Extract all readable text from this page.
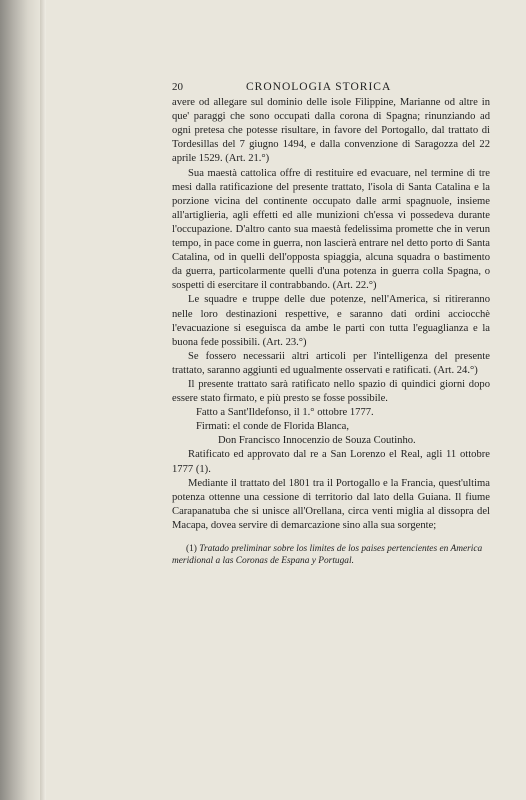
20	CRONOLOGIA STORICA

avere od allegare sul dominio delle isole Filippine, Marianne od altre in que' paraggi che sono occupati dalla corona di Spagna; rinunziando ad ogni pretesa che potesse risultare, in favore del Portogallo, dal trattato di Tordesillas del 7 giugno 1494, e dalla convenzione di Saragozza del 22 aprile 1529. (Art. 21.°)

Sua maestà cattolica offre di restituire ed evacuare, nel termine di tre mesi dalla ratificazione del presente trattato, l'isola di Santa Catalina e la porzione vicina del continente occupato dalle armi spagnuole, insieme all'artiglieria, agli effetti ed alle munizioni ch'essa vi possedeva durante l'occupazione. D'altro canto sua maestà fedelissima promette che in verun tempo, in pace come in guerra, non lascierà entrare nel detto porto di Santa Catalina, od in quelli dell'opposta spiaggia, alcuna squadra o bastimento da guerra, particolarmente quelli d'una potenza in guerra colla Spagna, o sospetti di esercitare il contrabbando. (Art. 22.°)

Le squadre e truppe delle due potenze, nell'America, si ritireranno nelle loro destinazioni respettive, e saranno dati ordini acciocchè l'evacuazione si eseguisca da ambe le parti con tutta l'eguaglianza e la buona fede possibili. (Art. 23.°)

Se fossero necessarii altri articoli per l'intelligenza del presente trattato, saranno aggiunti ed ugualmente osservati e ratificati. (Art. 24.°)

Il presente trattato sarà ratificato nello spazio di quindici giorni dopo essere stato firmato, e più presto se fosse possibile.

Fatto a Sant'Ildefonso, il 1.° ottobre 1777.

Firmati: el conde de Florida Blanca,

Don Francisco Innocenzio de Souza Coutinho.

Ratificato ed approvato dal re a San Lorenzo el Real, agli 11 ottobre 1777 (1).

Mediante il trattato del 1801 tra il Portogallo e la Francia, quest'ultima potenza ottenne una cessione di territorio dal lato della Guiana. Il fiume Carapanatuba che si unisce all'Orellana, circa venti miglia al dissopra del Macapa, dovea servire di demarcazione sino alla sua sorgente;

(1) Tratado preliminar sobre los limites de los paises pertencientes en America meridional a las Coronas de Espana y Portugal.
